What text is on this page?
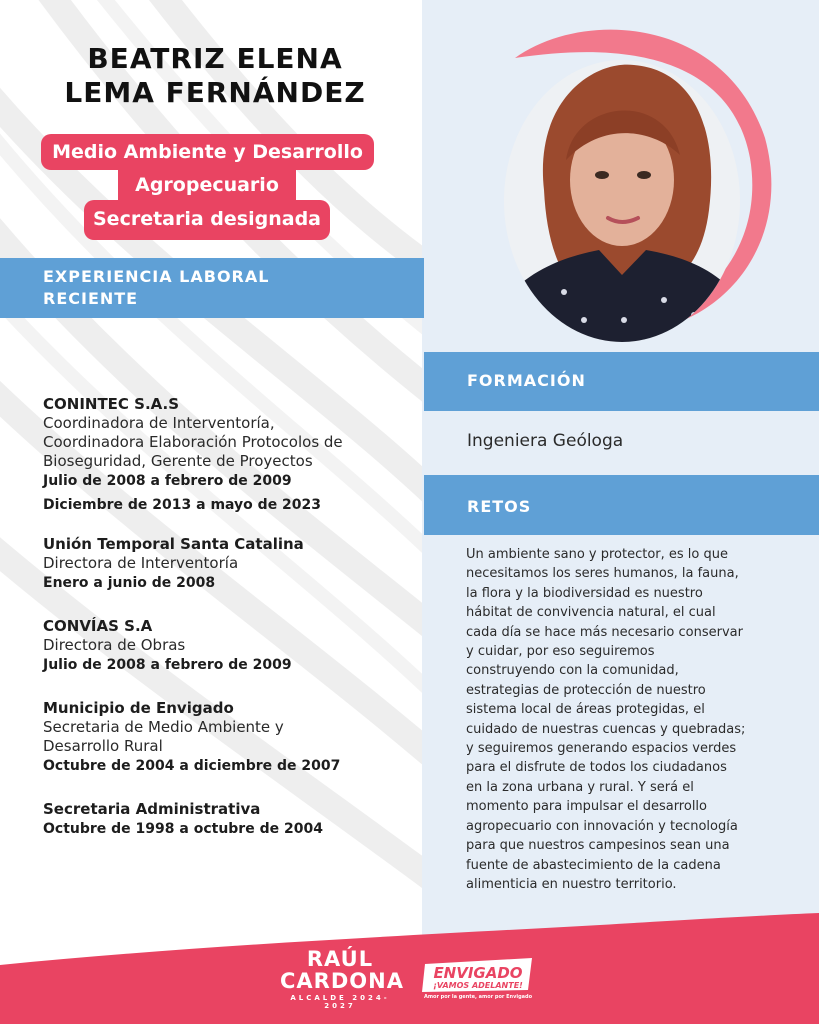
BEATRIZ ELENA
LEMA FERNÁNDEZ
Agropecuario
Medio Ambiente y Desarrollo
Secretaria designada
EXPERIENCIA LABORAL
RECIENTE
CONINTEC S.A.S
Coordinadora de Interventoría,
Coordinadora Elaboración Protocolos de
Bioseguridad, Gerente de Proyectos
Julio de 2008 a febrero de 2009
Diciembre de 2013 a mayo de 2023
Unión Temporal Santa Catalina
Directora de Interventoría
Enero a junio de 2008
CONVÍAS S.A
Directora de Obras
Julio de 2008 a febrero de 2009
Municipio de Envigado
Secretaria de Medio Ambiente y
Desarrollo Rural
Octubre de 2004 a diciembre de 2007
Secretaria Administrativa
Octubre de 1998 a octubre de 2004
FORMACIÓN
Ingeniera Geóloga
RETOS
Un ambiente sano y protector, es lo que
necesitamos los seres humanos, la fauna,
la flora y la biodiversidad es nuestro
hábitat de convivencia natural, el cual
cada día se hace más necesario conservar
y cuidar, por eso seguiremos
construyendo con la comunidad,
estrategias de protección de nuestro
sistema local de áreas protegidas, el
cuidado de nuestras cuencas y quebradas;
y seguiremos generando espacios verdes
para el disfrute de todos los ciudadanos
en la zona urbana y rural. Y será el
momento para impulsar el desarrollo
agropecuario con innovación y tecnología
para que nuestros campesinos sean una
fuente de abastecimiento de la cadena
alimenticia en nuestro territorio.
RAÚL
CARDONA
ALCALDE 2024-2027
ENVIGADO
¡VAMOS ADELANTE!
Amor por la gente, amor por Envigado
